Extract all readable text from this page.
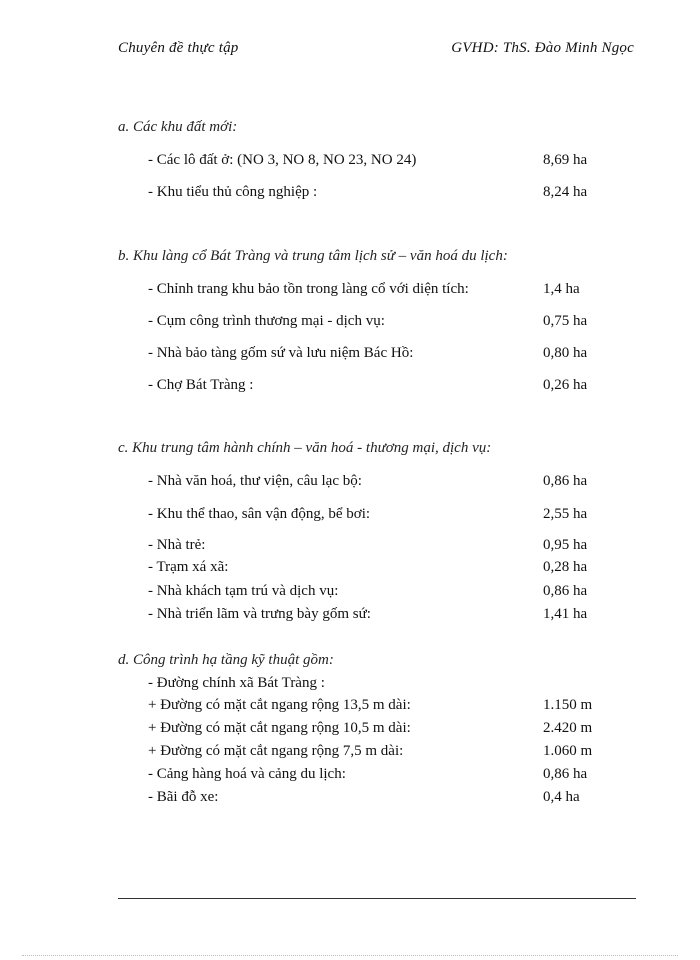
Chuyên đề thực tập	GVHD: ThS. Đào Minh Ngọc
a. Các khu đất mới:
- Các lô đất ở: (NO 3, NO 8, NO 23, NO 24)	8,69 ha
- Khu tiểu thủ công nghiệp :	8,24 ha
b. Khu làng cổ Bát Tràng và trung tâm lịch sử – văn hoá du lịch:
- Chỉnh trang khu bảo tồn trong làng cổ với diện tích:	1,4 ha
- Cụm công trình thương mại - dịch vụ:	0,75 ha
- Nhà bảo tàng gốm sứ và lưu niệm Bác Hồ:	0,80 ha
- Chợ Bát Tràng :	0,26 ha
c. Khu trung tâm hành chính – văn hoá - thương mại, dịch vụ:
- Nhà văn hoá, thư viện, câu lạc bộ:	0,86 ha
- Khu thể thao, sân vận động, bể bơi:	2,55 ha
- Nhà trẻ:	0,95 ha
- Trạm xá xã:	0,28 ha
- Nhà khách tạm trú và dịch vụ:	0,86 ha
- Nhà triển lãm và trưng bày gốm sứ:	1,41 ha
d. Công trình hạ tầng kỹ thuật gồm:
- Đường chính xã Bát Tràng :
+ Đường có mặt cắt ngang rộng 13,5 m dài:	1.150 m
+ Đường có mặt cắt ngang rộng 10,5 m dài:	2.420 m
+ Đường có mặt cắt ngang rộng 7,5 m dài:	1.060 m
- Cảng hàng hoá và cảng du lịch:	0,86 ha
- Bãi đỗ xe:	0,4 ha
